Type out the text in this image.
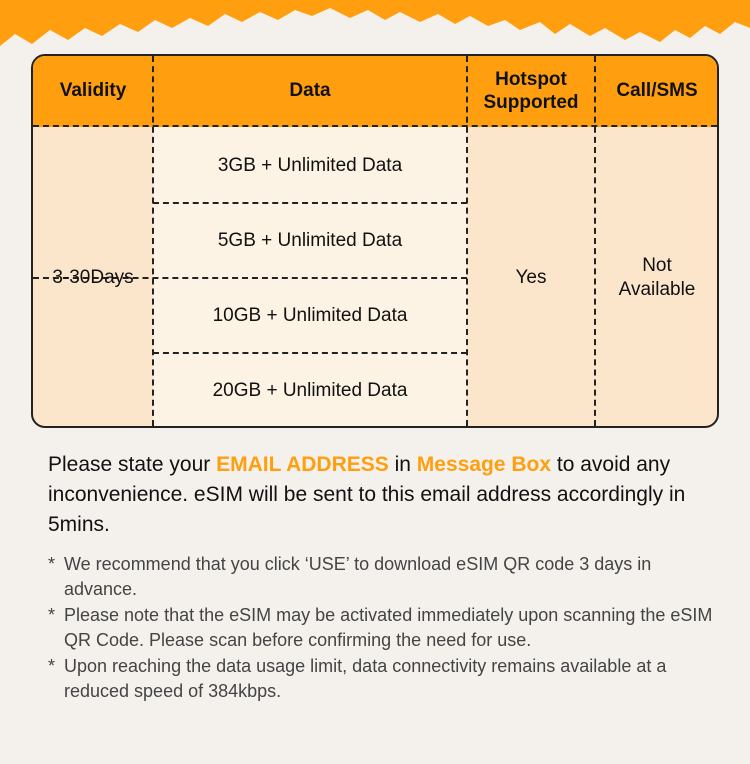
Validity	Data
Hotspot
Supported
Call/SMS
3-30Days
3GB + Unlimited Data
5GB + Unlimited Data
10GB + Unlimited Data
20GB + Unlimited Data
Yes
Not
Available
Please state your EMAIL ADDRESS in Message Box to avoid any inconvenience. eSIM will be sent to this email address accordingly in 5mins.
* We recommend that you click ‘USE’ to download eSIM QR code 3 days in advance.
* Please note that the eSIM may be activated immediately upon scanning the eSIM QR Code. Please scan before confirming the need for use.
* Upon reaching the data usage limit, data connectivity remains available at a reduced speed of 384kbps.
